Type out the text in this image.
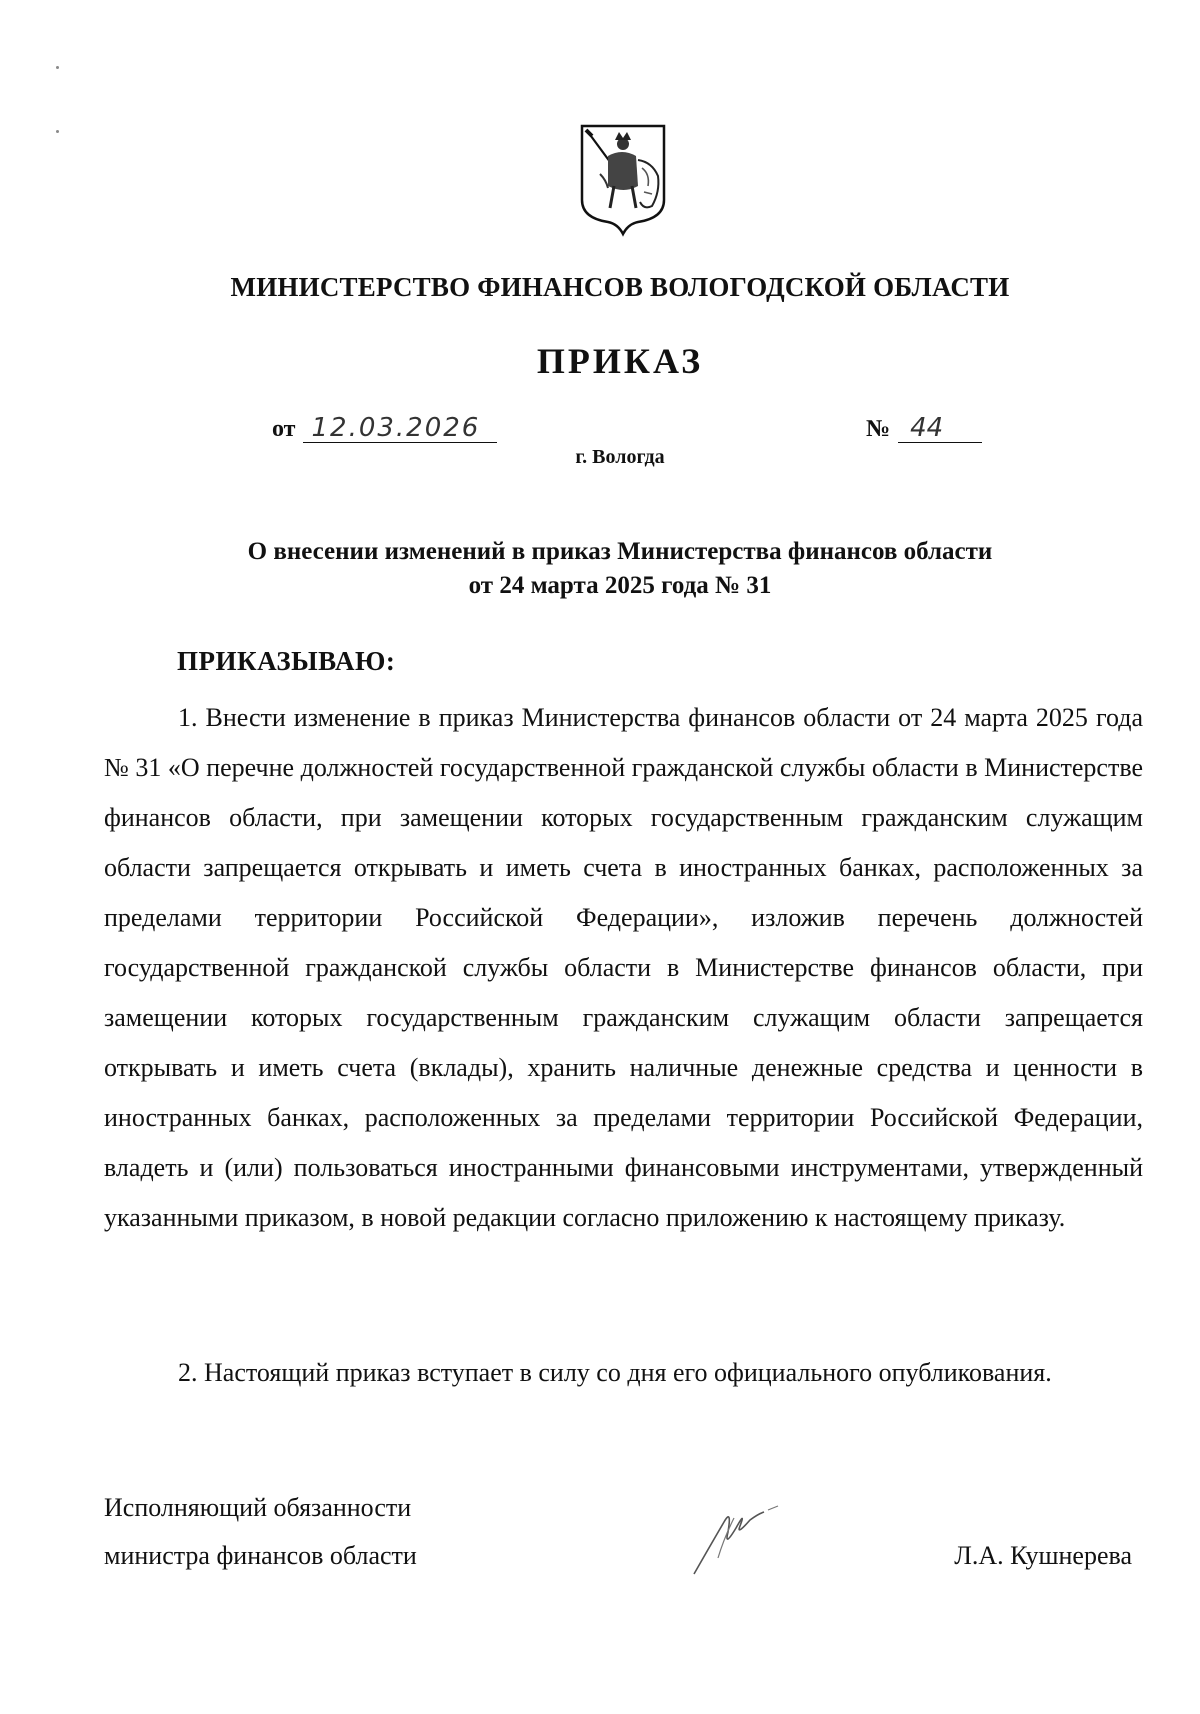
МИНИСТЕРСТВО ФИНАНСОВ ВОЛОГОДСКОЙ ОБЛАСТИ
ПРИКАЗ
от 12.03.2026	№ 44
г. Вологда
О внесении изменений в приказ Министерства финансов области
от 24 марта 2025 года № 31
ПРИКАЗЫВАЮ:

1. Внести изменение в приказ Министерства финансов области от 24 марта 2025 года № 31 «О перечне должностей государственной гражданской службы области в Министерстве финансов области, при замещении которых государственным гражданским служащим области запрещается открывать и иметь счета в иностранных банках, расположенных за пределами территории Российской Федерации», изложив перечень должностей государственной гражданской службы области в Министерстве финансов области, при замещении которых государственным гражданским служащим области запрещается открывать и иметь счета (вклады), хранить наличные денежные средства и ценности в иностранных банках, расположенных за пределами территории Российской Федерации, владеть и (или) пользоваться иностранными финансовыми инструментами, утвержденный указанными приказом, в новой редакции согласно приложению к настоящему приказу.

2. Настоящий приказ вступает в силу со дня его официального опубликования.

Исполняющий обязанности
министра финансов области	Л.А. Кушнерева
